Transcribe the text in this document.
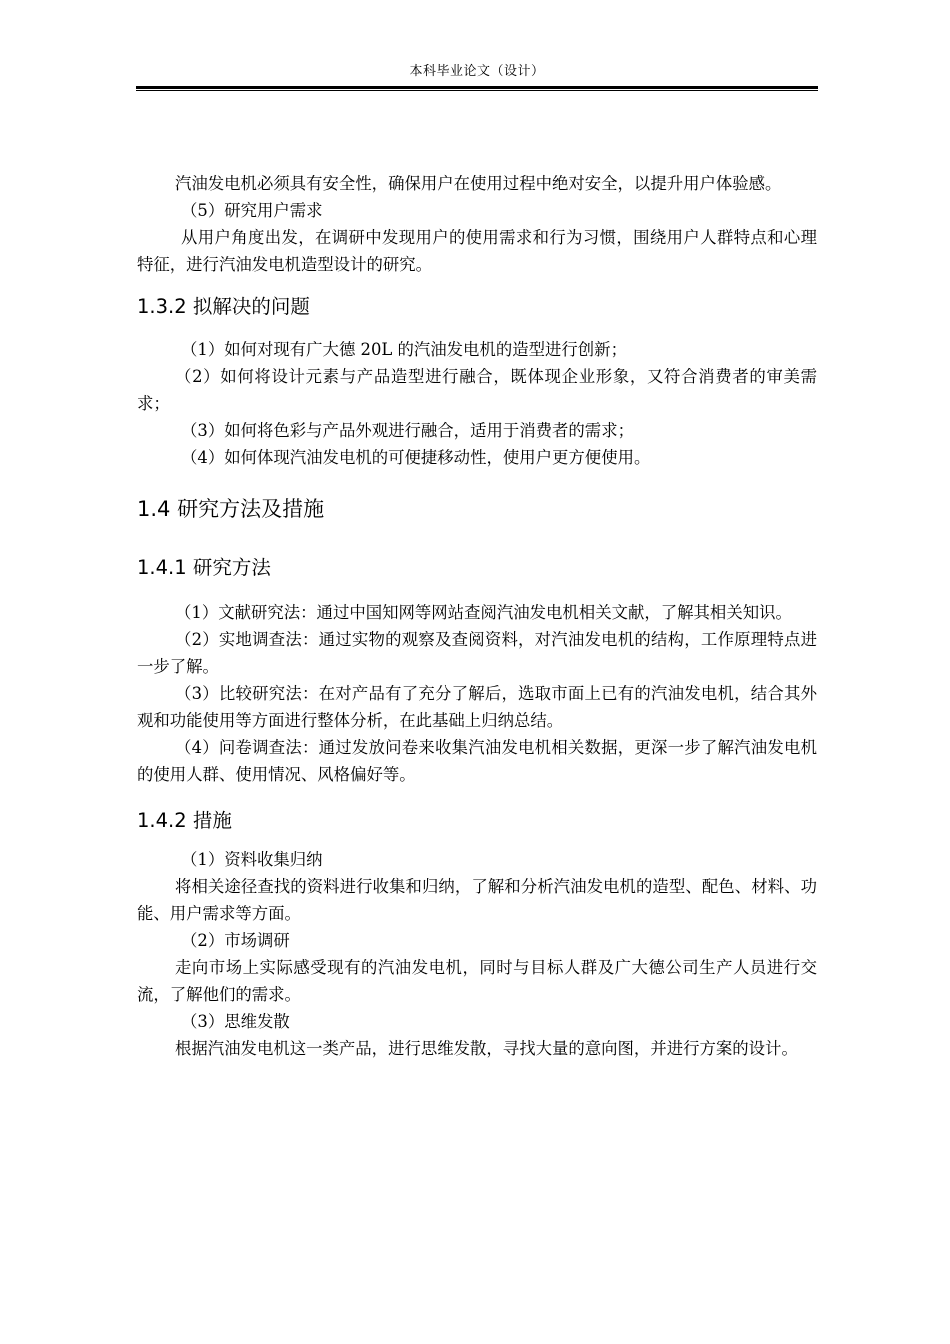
本科毕业论文（设计）

汽油发电机必须具有安全性，确保用户在使用过程中绝对安全，以提升用户体验感。

（5）研究用户需求

从用户角度出发，在调研中发现用户的使用需求和行为习惯，围绕用户人群特点和心理特征，进行汽油发电机造型设计的研究。

1.3.2 拟解决的问题

（1）如何对现有广大德 20L 的汽油发电机的造型进行创新；

（2）如何将设计元素与产品造型进行融合，既体现企业形象，又符合消费者的审美需求；

（3）如何将色彩与产品外观进行融合，适用于消费者的需求；

（4）如何体现汽油发电机的可便捷移动性，使用户更方便使用。

1.4 研究方法及措施
1.4.1 研究方法

（1）文献研究法：通过中国知网等网站查阅汽油发电机相关文献，了解其相关知识。

（2）实地调查法：通过实物的观察及查阅资料，对汽油发电机的结构，工作原理特点进一步了解。

（3）比较研究法：在对产品有了充分了解后，选取市面上已有的汽油发电机，结合其外观和功能使用等方面进行整体分析，在此基础上归纳总结。

（4）问卷调查法：通过发放问卷来收集汽油发电机相关数据，更深一步了解汽油发电机的使用人群、使用情况、风格偏好等。

1.4.2 措施

（1）资料收集归纳

将相关途径查找的资料进行收集和归纳，了解和分析汽油发电机的造型、配色、材料、功能、用户需求等方面。

（2）市场调研

走向市场上实际感受现有的汽油发电机，同时与目标人群及广大德公司生产人员进行交流，了解他们的需求。

（3）思维发散

根据汽油发电机这一类产品，进行思维发散，寻找大量的意向图，并进行方案的设计。
